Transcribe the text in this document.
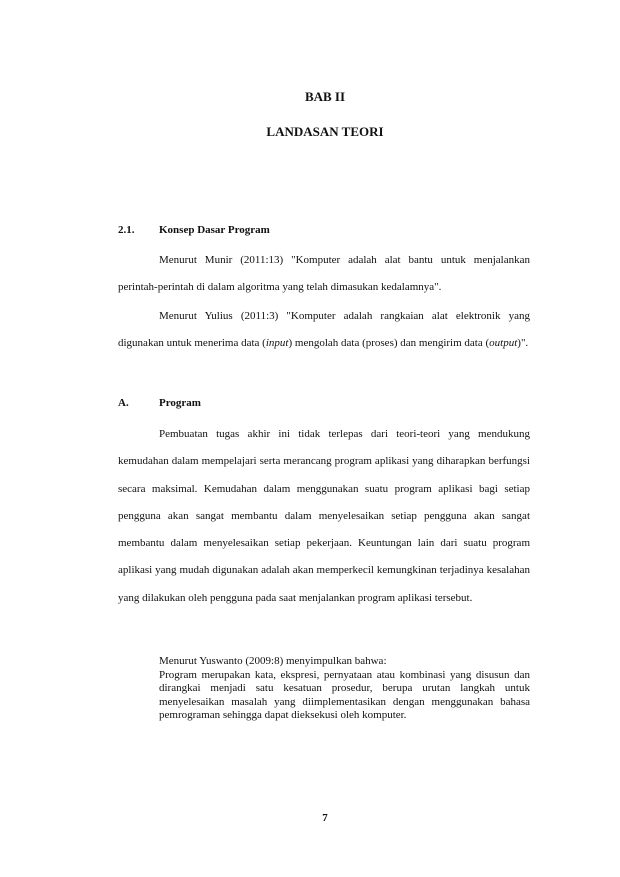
BAB II
LANDASAN TEORI
2.1. Konsep Dasar Program

Menurut Munir (2011:13) "Komputer adalah alat bantu untuk menjalankan perintah-perintah di dalam algoritma yang telah dimasukan kedalamnya".

Menurut Yulius (2011:3) "Komputer adalah rangkaian alat elektronik yang digunakan untuk menerima data (input) mengolah data (proses) dan mengirim data (output)".

A.	Program

Pembuatan tugas akhir ini tidak terlepas dari teori-teori yang mendukung kemudahan dalam mempelajari serta merancang program aplikasi yang diharapkan berfungsi secara maksimal. Kemudahan dalam menggunakan suatu program aplikasi bagi setiap pengguna akan sangat membantu dalam menyelesaikan setiap pengguna akan sangat membantu dalam menyelesaikan setiap pekerjaan. Keuntungan lain dari suatu program aplikasi yang mudah digunakan adalah akan memperkecil kemungkinan terjadinya kesalahan yang dilakukan oleh pengguna pada saat menjalankan program aplikasi tersebut.

Menurut Yuswanto (2009:8) menyimpulkan bahwa:

Program merupakan kata, ekspresi, pernyataan atau kombinasi yang disusun dan dirangkai menjadi satu kesatuan prosedur, berupa urutan langkah untuk menyelesaikan masalah yang diimplementasikan dengan menggunakan bahasa pemrograman sehingga dapat dieksekusi oleh komputer.

7
